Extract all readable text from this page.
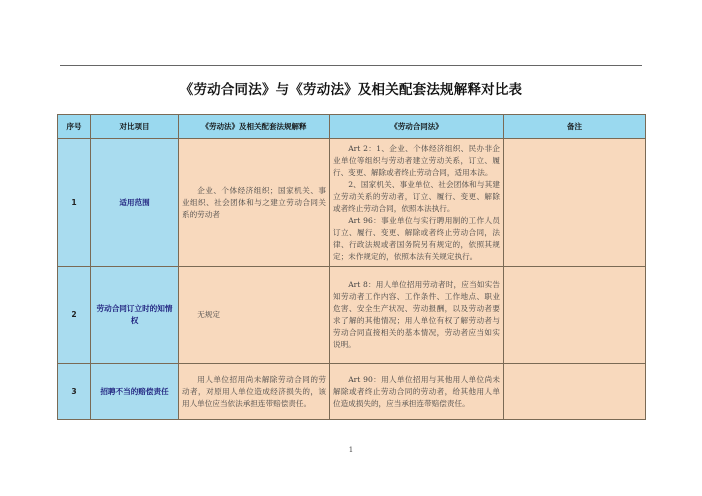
《劳动合同法》与《劳动法》及相关配套法规解释对比表
序号	对比项目	《劳动法》及相关配套法规解释	《劳动合同法》	备注
1	适用范围	企业、个体经济组织；国家机关、事业组织、社会团体和与之建立劳动合同关系的劳动者	Art 2：1、企业、个体经济组织、民办非企业单位等组织与劳动者建立劳动关系，订立、履行、变更、解除或者终止劳动合同，适用本法。

2、国家机关、事业单位、社会团体和与其建立劳动关系的劳动者，订立、履行、变更、解除或者终止劳动合同，依照本法执行。

Art 96：事业单位与实行聘用制的工作人员订立、履行、变更、解除或者终止劳动合同，法律、行政法规或者国务院另有规定的，依照其规定；未作规定的，依照本法有关规定执行。	

2	劳动合同订立时的知情权	无规定	Art 8：用人单位招用劳动者时，应当如实告知劳动者工作内容、工作条件、工作地点、职业危害、安全生产状况、劳动报酬，以及劳动者要求了解的其他情况；用人单位有权了解劳动者与劳动合同直接相关的基本情况，劳动者应当如实说明。	

3	招聘不当的赔偿责任	用人单位招用尚未解除劳动合同的劳动者，对原用人单位造成经济损失的，该用人单位应当依法承担连带赔偿责任。	Art 90：用人单位招用与其他用人单位尚未解除或者终止劳动合同的劳动者，给其他用人单位造成损失的，应当承担连带赔偿责任。	

1
